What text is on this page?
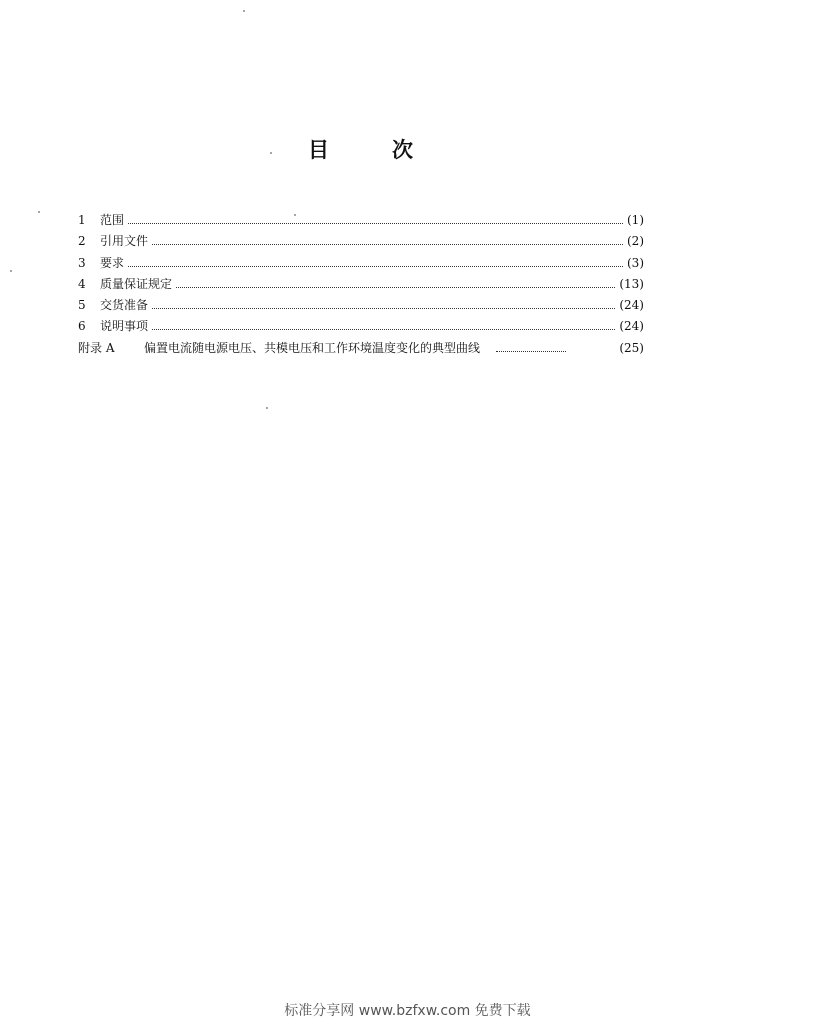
目	次
1	范围	(1)
2	引用文件	(2)
3	要求	(3)
4	质量保证规定	(13)
5	交货准备	(24)
6	说明事项	(24)
附录 A	偏置电流随电源电压、共模电压和工作环境温度变化的典型曲线	(25)
标准分享网 www.bzfxw.com 免费下载
